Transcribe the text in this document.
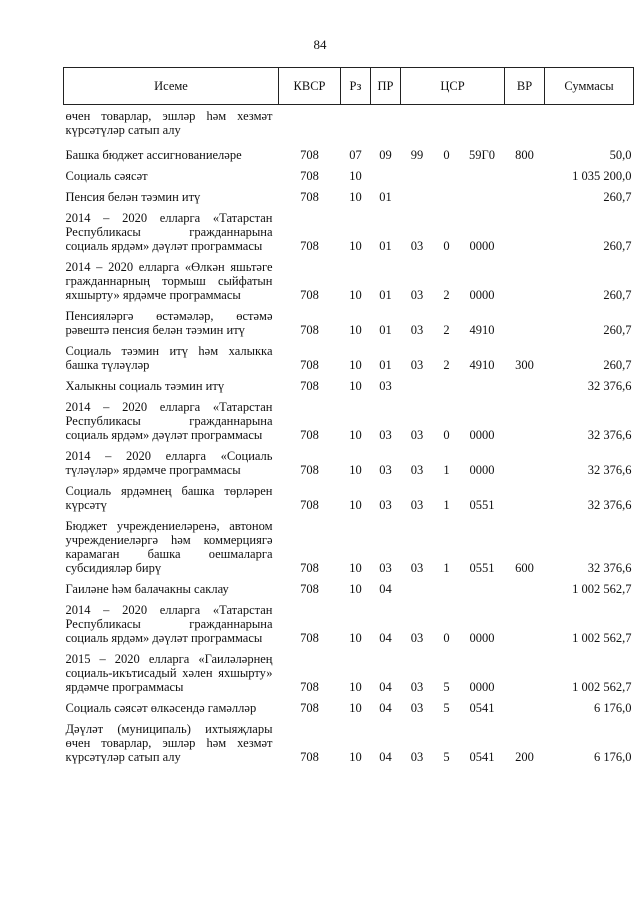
84
Исеме	КВСР	Рз	ПР	ЦСР			ВР	Суммасы
өчен товарлар, эшләр һәм хезмәт күрсәтүләр сатып алу								
Башка бюджет ассигнованиеләре	708	07	09	99	0	59Г0	800	50,0
Социаль сәясәт	708	10						1 035 200,0
Пенсия белән тәэмин итү	708	10	01					260,7
2014 – 2020 елларга «Татарстан Республикасы гражданнарына социаль ярдәм» дәүләт программасы	708	10	01	03	0	0000		260,7
2014 – 2020 елларга «Өлкән яшьтәге гражданнарның тормыш сыйфатын яхшырту» ярдәмче программасы	708	10	01	03	2	0000		260,7
Пенсияләргә өстәмәләр, өстәмә рәвештә пенсия белән тәэмин итү	708	10	01	03	2	4910		260,7
Социаль тәэмин итү һәм халыкка башка түләүләр	708	10	01	03	2	4910	300	260,7
Халыкны социаль тәэмин итү	708	10	03					32 376,6
2014 – 2020 елларга «Татарстан Республикасы гражданнарына социаль ярдәм» дәүләт программасы	708	10	03	03	0	0000		32 376,6
2014 – 2020 елларга «Социаль түләүләр» ярдәмче программасы	708	10	03	03	1	0000		32 376,6
Социаль ярдәмнең башка төрләрен күрсәтү	708	10	03	03	1	0551		32 376,6
Бюджет учреждениеләренә, автоном учреждениеләргә һәм коммерциягә карамаган башка оешмаларга субсидияләр бирү	708	10	03	03	1	0551	600	32 376,6
Гаиләне һәм балачакны саклау	708	10	04					1 002 562,7
2014 – 2020 елларга «Татарстан Республикасы гражданнарына социаль ярдәм» дәүләт программасы	708	10	04	03	0	0000		1 002 562,7
2015 – 2020 елларга «Гаиләләрнең социаль-икътисадый хәлен яхшырту» ярдәмче программасы	708	10	04	03	5	0000		1 002 562,7
Социаль сәясәт өлкәсендә гамәлләр	708	10	04	03	5	0541		6 176,0
Дәүләт (муниципаль) ихтыяҗлары өчен товарлар, эшләр һәм хезмәт күрсәтүләр сатып алу	708	10	04	03	5	0541	200	6 176,0
